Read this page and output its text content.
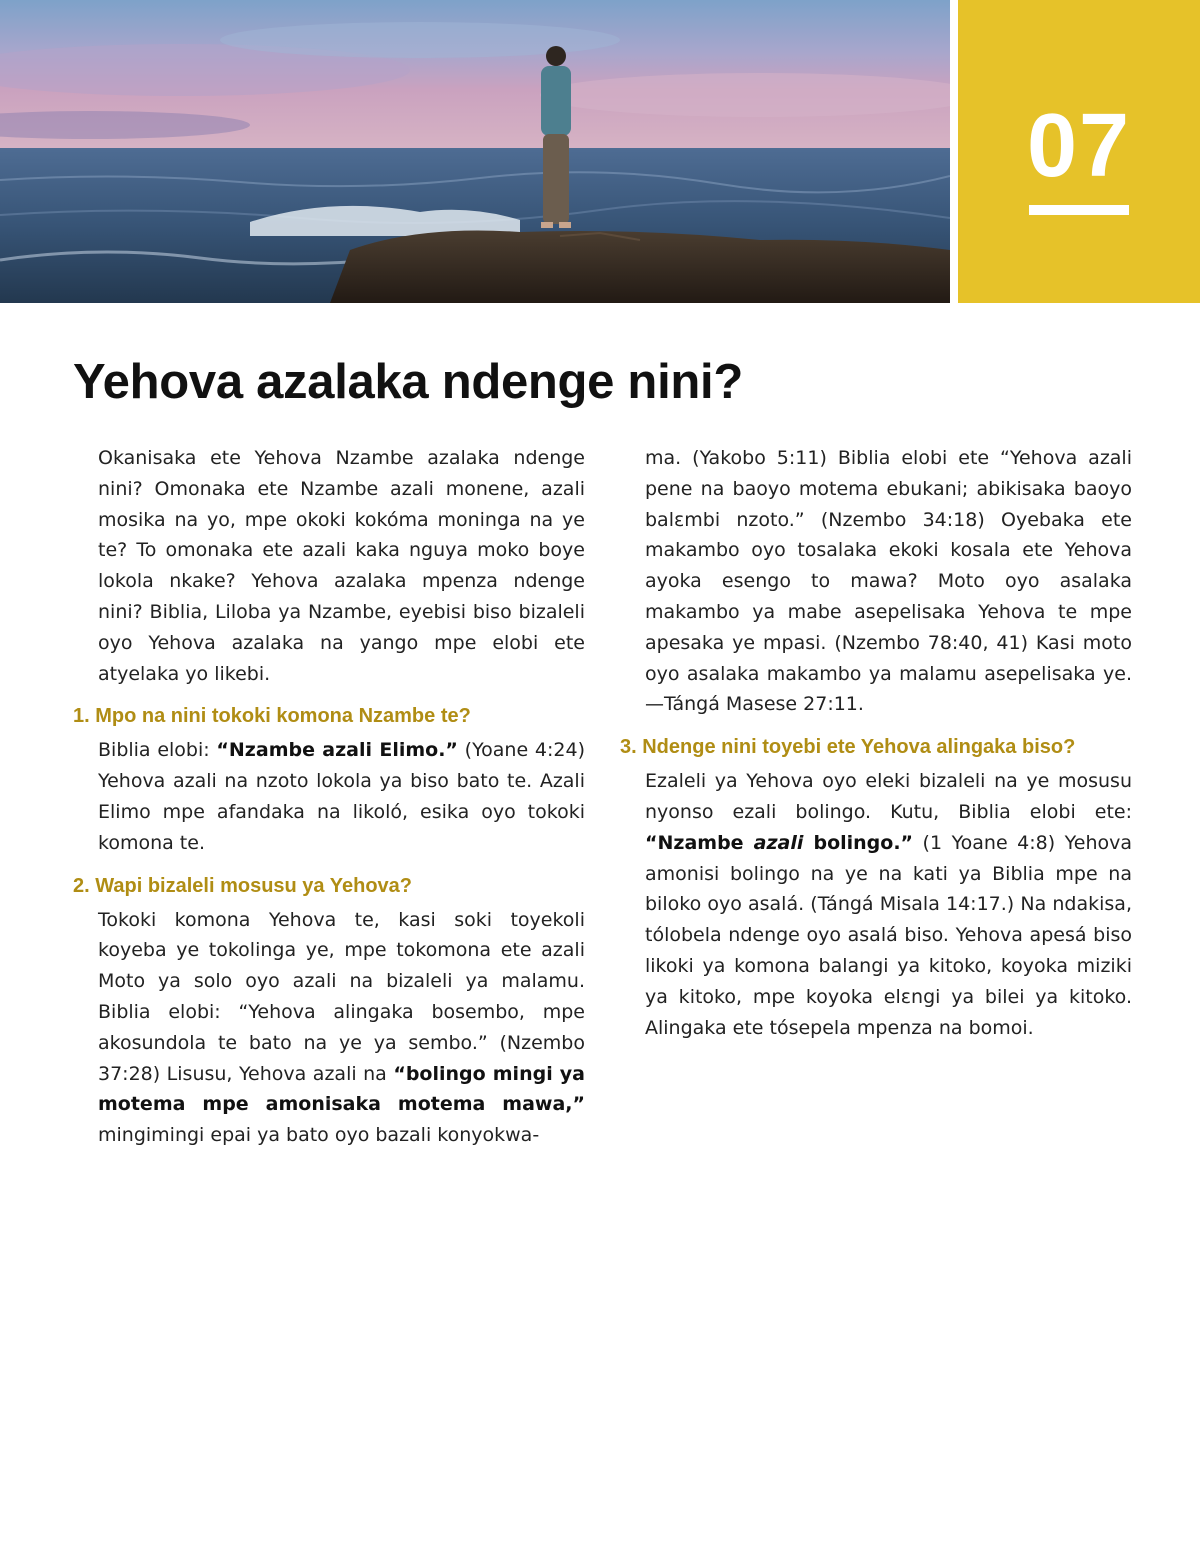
07
Yehova azalaka ndenge nini?

Okanisaka ete Yehova Nzambe azalaka ndenge nini? Omonaka ete Nzambe azali monene, azali mosika na yo, mpe okoki kokóma moninga na ye te? To omonaka ete azali kaka nguya moko boye lokola nkake? Yehova azalaka mpenza ndenge nini? Biblia, Liloba ya Nzambe, eyebisi biso bizaleli oyo Yehova azalaka na yango mpe elobi ete atyelaka yo likebi.

1. Mpo na nini tokoki komona Nzambe te?

Biblia elobi: “Nzambe azali Elimo.” (Yoane 4:24) Yehova azali na nzoto lokola ya biso bato te. Azali Elimo mpe afandaka na likoló, esika oyo tokoki komona te.

2. Wapi bizaleli mosusu ya Yehova?

Tokoki komona Yehova te, kasi soki toyekoli koyeba ye tokolinga ye, mpe tokomona ete azali Moto ya solo oyo azali na bizaleli ya malamu. Biblia elobi: “Yehova alingaka bosembo, mpe akosundola te bato na ye ya sembo.” (Nzembo 37:28) Lisusu, Yehova azali na “bolingo mingi ya motema mpe amonisaka motema mawa,” mingimingi epai ya bato oyo bazali konyokwa-

ma. (Yakobo 5:11) Biblia elobi ete “Yehova azali pene na baoyo motema ebukani; abikisaka baoyo balɛmbi nzoto.” (Nzembo 34:18) Oyebaka ete makambo oyo tosalaka ekoki kosala ete Yehova ayoka esengo to mawa? Moto oyo asalaka makambo ya mabe asepelisaka Yehova te mpe apesaka ye mpasi. (Nzembo 78:40, 41) Kasi moto oyo asalaka makambo ya malamu asepelisaka ye.—Tángá Masese 27:11.

3. Ndenge nini toyebi ete Yehova alingaka biso?

Ezaleli ya Yehova oyo eleki bizaleli na ye mosusu nyonso ezali bolingo. Kutu, Biblia elobi ete: “Nzambe azali bolingo.” (1 Yoane 4:8) Yehova amonisi bolingo na ye na kati ya Biblia mpe na biloko oyo asalá. (Tángá Misala 14:17.) Na ndakisa, tólobela ndenge oyo asalá biso. Yehova apesá biso likoki ya komona balangi ya kitoko, koyoka miziki ya kitoko, mpe koyoka elɛngi ya bilei ya kitoko. Alingaka ete tósepela mpenza na bomoi.
